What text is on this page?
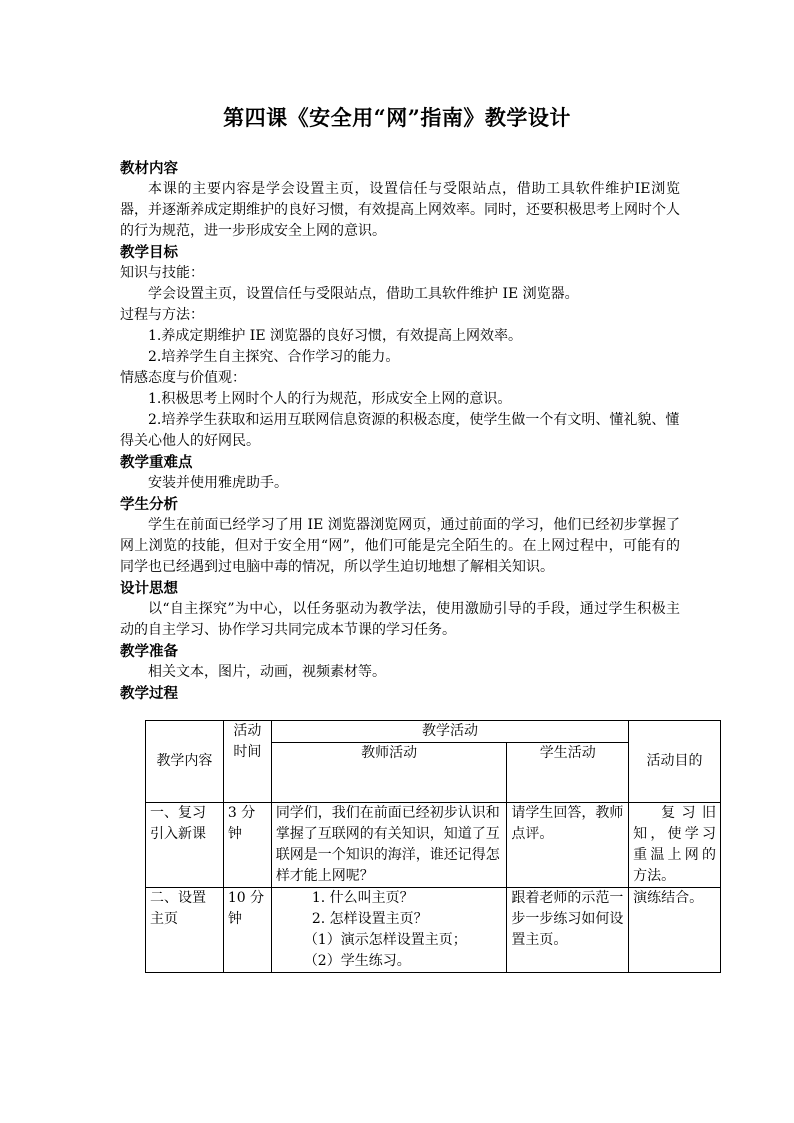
第四课《安全用“网”指南》教学设计
教材内容
本课的主要内容是学会设置主页，设置信任与受限站点，借助工具软件维护IE浏览器，并逐渐养成定期维护的良好习惯，有效提高上网效率。同时，还要积极思考上网时个人的行为规范，进一步形成安全上网的意识。
教学目标
知识与技能：
学会设置主页，设置信任与受限站点，借助工具软件维护 IE 浏览器。
过程与方法：
1.养成定期维护 IE 浏览器的良好习惯，有效提高上网效率。
2.培养学生自主探究、合作学习的能力。
情感态度与价值观：
1.积极思考上网时个人的行为规范，形成安全上网的意识。
2.培养学生获取和运用互联网信息资源的积极态度，使学生做一个有文明、懂礼貌、懂得关心他人的好网民。
教学重难点
安装并使用雅虎助手。
学生分析
学生在前面已经学习了用 IE 浏览器浏览网页，通过前面的学习，他们已经初步掌握了网上浏览的技能，但对于安全用“网”，他们可能是完全陌生的。在上网过程中，可能有的同学也已经遇到过电脑中毒的情况，所以学生迫切地想了解相关知识。
设计思想
以“自主探究”为中心，以任务驱动为教学法，使用激励引导的手段，通过学生积极主动的自主学习、协作学习共同完成本节课的学习任务。
教学准备
相关文本，图片，动画，视频素材等。
教学过程
教学内容	活动时间	教学活动		活动目的
		教师活动	学生活动	
一、复习引入新课	3 分钟	同学们，我们在前面已经初步认识和掌握了互联网的有关知识，知道了互联网是一个知识的海洋，谁还记得怎样才能上网呢？	请学生回答，教师点评。	复习旧知，使学习重温上网的方法。
二、设置主页	10 分钟	1. 什么叫主页？
2. 怎样设置主页？
（1）演示怎样设置主页；
（2）学生练习。	跟着老师的示范一步一步练习如何设置主页。	演练结合。
